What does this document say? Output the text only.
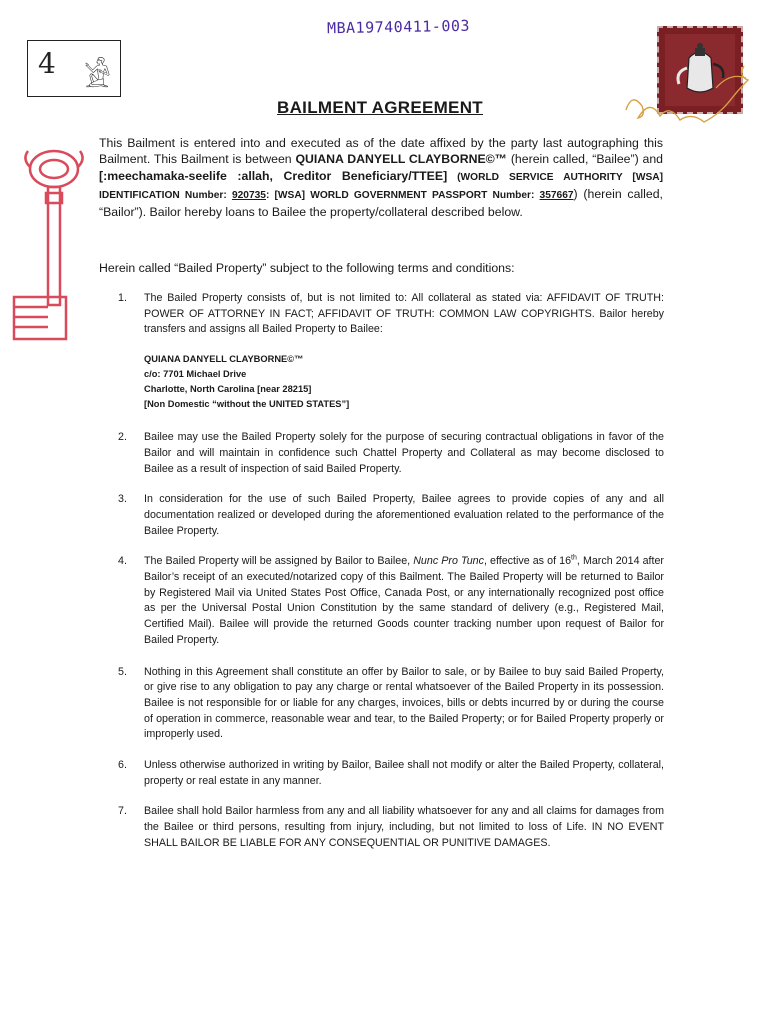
MBA19740411-003
4 𓀀
BAILMENT AGREEMENT

This Bailment is entered into and executed as of the date affixed by the party last autographing this Bailment. This Bailment is between QUIANA DANYELL CLAYBORNE©™ (herein called, “Bailee”) and [:meechamaka-seelife :allah, Creditor Beneficiary/TTEE] (WORLD SERVICE AUTHORITY [WSA] IDENTIFICATION Number: 920735: [WSA] WORLD GOVERNMENT PASSPORT Number: 357667) (herein called, “Bailor”). Bailor hereby loans to Bailee the property/collateral described below.

Herein called “Bailed Property” subject to the following terms and conditions:
1. The Bailed Property consists of, but is not limited to: All collateral as stated via: AFFIDAVIT OF TRUTH: POWER OF ATTORNEY IN FACT; AFFIDAVIT OF TRUTH: COMMON LAW COPYRIGHTS. Bailor hereby transfers and assigns all Bailed Property to Bailee:
QUIANA DANYELL CLAYBORNE©™
c/o: 7701 Michael Drive
Charlotte, North Carolina [near 28215]
[Non Domestic “without the UNITED STATES”]
2. Bailee may use the Bailed Property solely for the purpose of securing contractual obligations in favor of the Bailor and will maintain in confidence such Chattel Property and Collateral as may become disclosed to Bailee as a result of inspection of said Bailed Property.
3. In consideration for the use of such Bailed Property, Bailee agrees to provide copies of any and all documentation realized or developed during the aforementioned evaluation related to the performance of the Bailee Property.
4. The Bailed Property will be assigned by Bailor to Bailee, Nunc Pro Tunc, effective as of 16th, March 2014 after Bailor’s receipt of an executed/notarized copy of this Bailment. The Bailed Property will be returned to Bailor by Registered Mail via United States Post Office, Canada Post, or any internationally recognized post office as per the Universal Postal Union Constitution by the same standard of delivery (e.g., Registered Mail, Certified Mail). Bailee will provide the returned Goods counter tracking number upon request of Bailor for Bailed Property.
5. Nothing in this Agreement shall constitute an offer by Bailor to sale, or by Bailee to buy said Bailed Property, or give rise to any obligation to pay any charge or rental whatsoever of the Bailed Property in its possession. Bailee is not responsible for or liable for any charges, invoices, bills or debts incurred by or during the course of operation in commerce, reasonable wear and tear, to the Bailed Property; or for Bailed Property properly or improperly used.
6. Unless otherwise authorized in writing by Bailor, Bailee shall not modify or alter the Bailed Property, collateral, property or real estate in any manner.
7. Bailee shall hold Bailor harmless from any and all liability whatsoever for any and all claims for damages from the Bailee or third persons, resulting from injury, including, but not limited to loss of Life. IN NO EVENT SHALL BAILOR BE LIABLE FOR ANY CONSEQUENTIAL OR PUNITIVE DAMAGES.
